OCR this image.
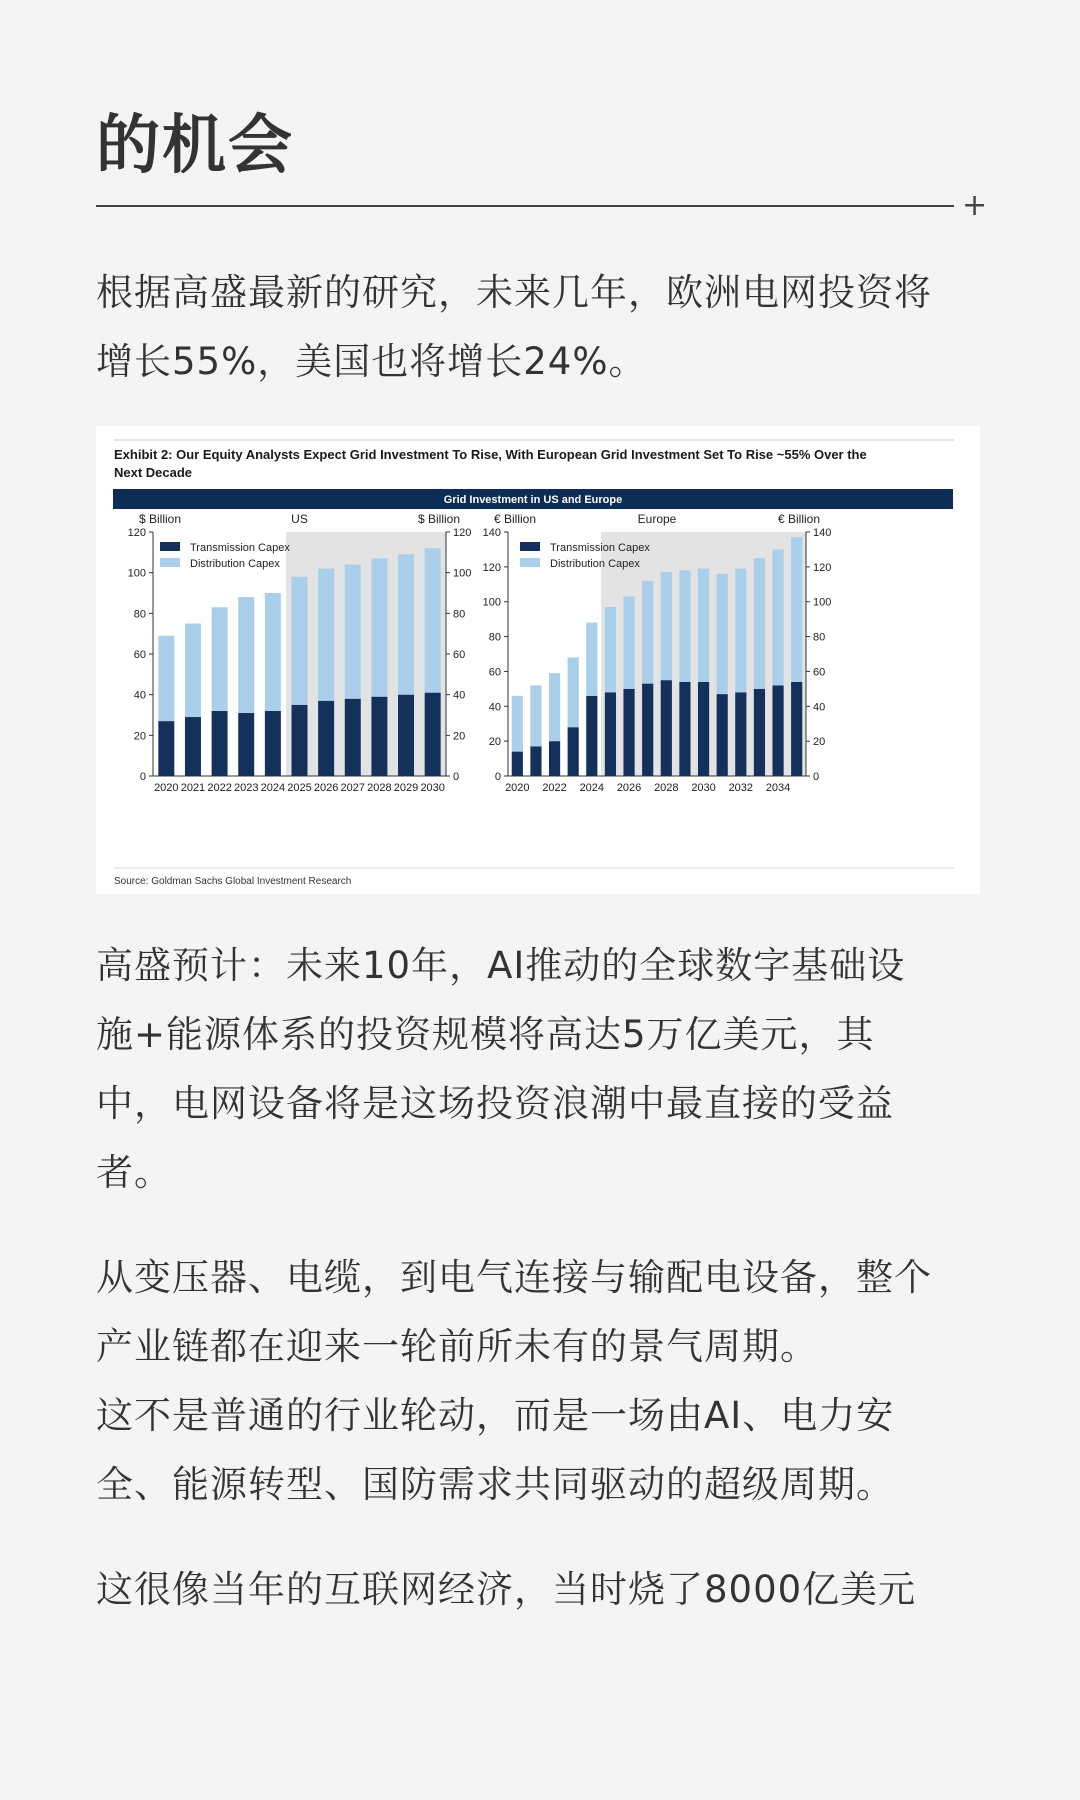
的机会
+
根据高盛最新的研究，未来几年，欧洲电网投资将
增长55%，美国也将增长24%。
Exhibit 2: Our Equity Analysts Expect Grid Investment To Rise, With European Grid Investment Set To Rise ~55% Over the
Next Decade
Grid Investment in US and Europe
0	0
20	20
40	40
60	60
80	80
100	100
120	120
$ Billion	$ Billion
US
2020 2021 2022 2023 2024 2025 2026 2027 2028 2029 2030
Transmission Capex
Distribution Capex
0	0
20	20
40	40
60	60
80	80
100	100
120	120
140	140
€ Billion	€ Billion
Europe
2020 2022 2024 2026 2028 2030 2032 2034
Transmission Capex
Distribution Capex
Source: Goldman Sachs Global Investment Research
高盛预计：未来10年，AI推动的全球数字基础设
施+能源体系的投资规模将高达5万亿美元，其
中，电网设备将是这场投资浪潮中最直接的受益
者。
从变压器、电缆，到电气连接与输配电设备，整个
产业链都在迎来一轮前所未有的景气周期。
这不是普通的行业轮动，而是一场由AI、电力安
全、能源转型、国防需求共同驱动的超级周期。
这很像当年的互联网经济，当时烧了8000亿美元
